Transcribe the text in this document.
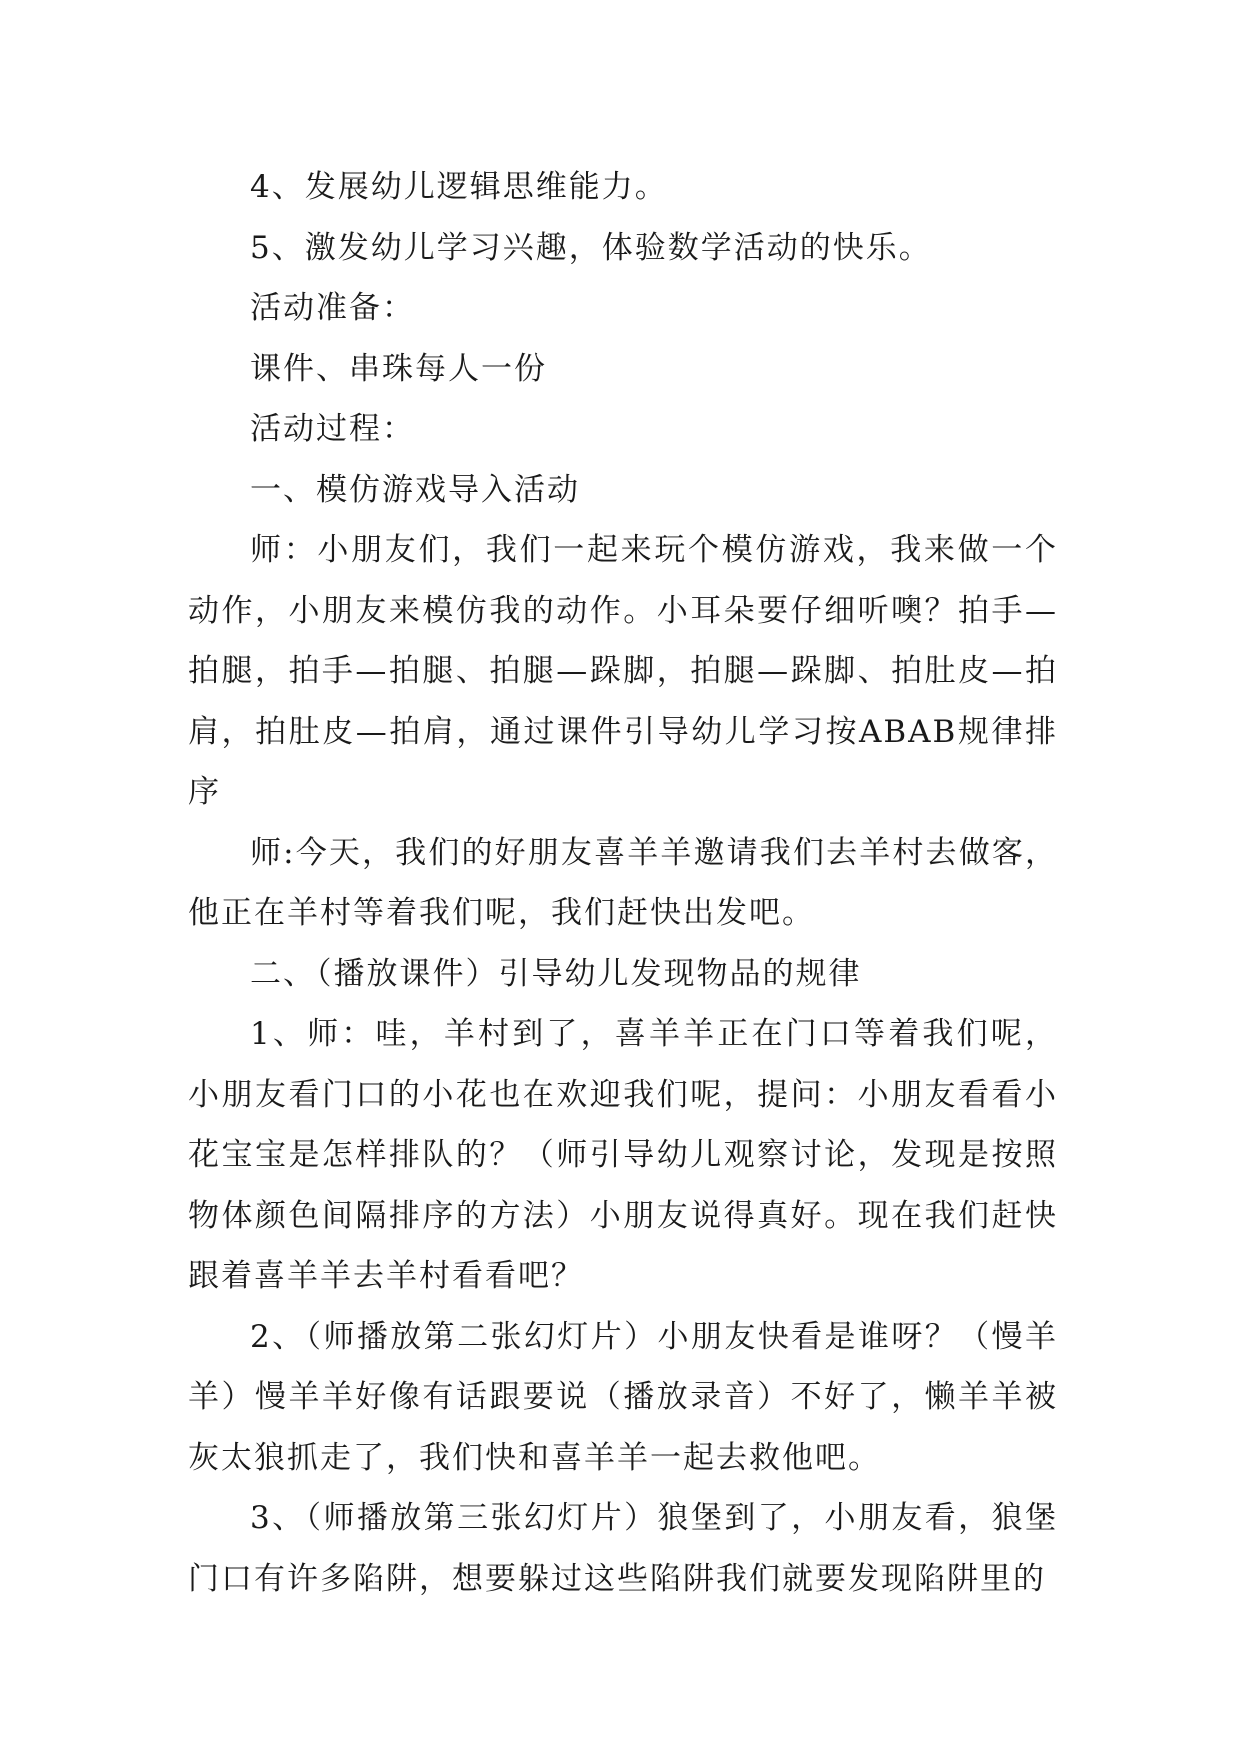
4、发展幼儿逻辑思维能力。

5、激发幼儿学习兴趣，体验数学活动的快乐。

活动准备：

课件、串珠每人一份

活动过程：

一、模仿游戏导入活动

师：小朋友们，我们一起来玩个模仿游戏，我来做一个动作，小朋友来模仿我的动作。小耳朵要仔细听噢？拍手—拍腿，拍手—拍腿、拍腿—跺脚，拍腿—跺脚、拍肚皮—拍肩，拍肚皮—拍肩，通过课件引导幼儿学习按ABAB规律排序

师:今天，我们的好朋友喜羊羊邀请我们去羊村去做客，他正在羊村等着我们呢，我们赶快出发吧。

二、（播放课件）引导幼儿发现物品的规律

1、师：哇，羊村到了，喜羊羊正在门口等着我们呢，小朋友看门口的小花也在欢迎我们呢，提问：小朋友看看小花宝宝是怎样排队的？（师引导幼儿观察讨论，发现是按照物体颜色间隔排序的方法）小朋友说得真好。现在我们赶快跟着喜羊羊去羊村看看吧？

2、（师播放第二张幻灯片）小朋友快看是谁呀？（慢羊羊）慢羊羊好像有话跟要说（播放录音）不好了，懒羊羊被灰太狼抓走了，我们快和喜羊羊一起去救他吧。

3、（师播放第三张幻灯片）狼堡到了，小朋友看，狼堡门口有许多陷阱，想要躲过这些陷阱我们就要发现陷阱里的
